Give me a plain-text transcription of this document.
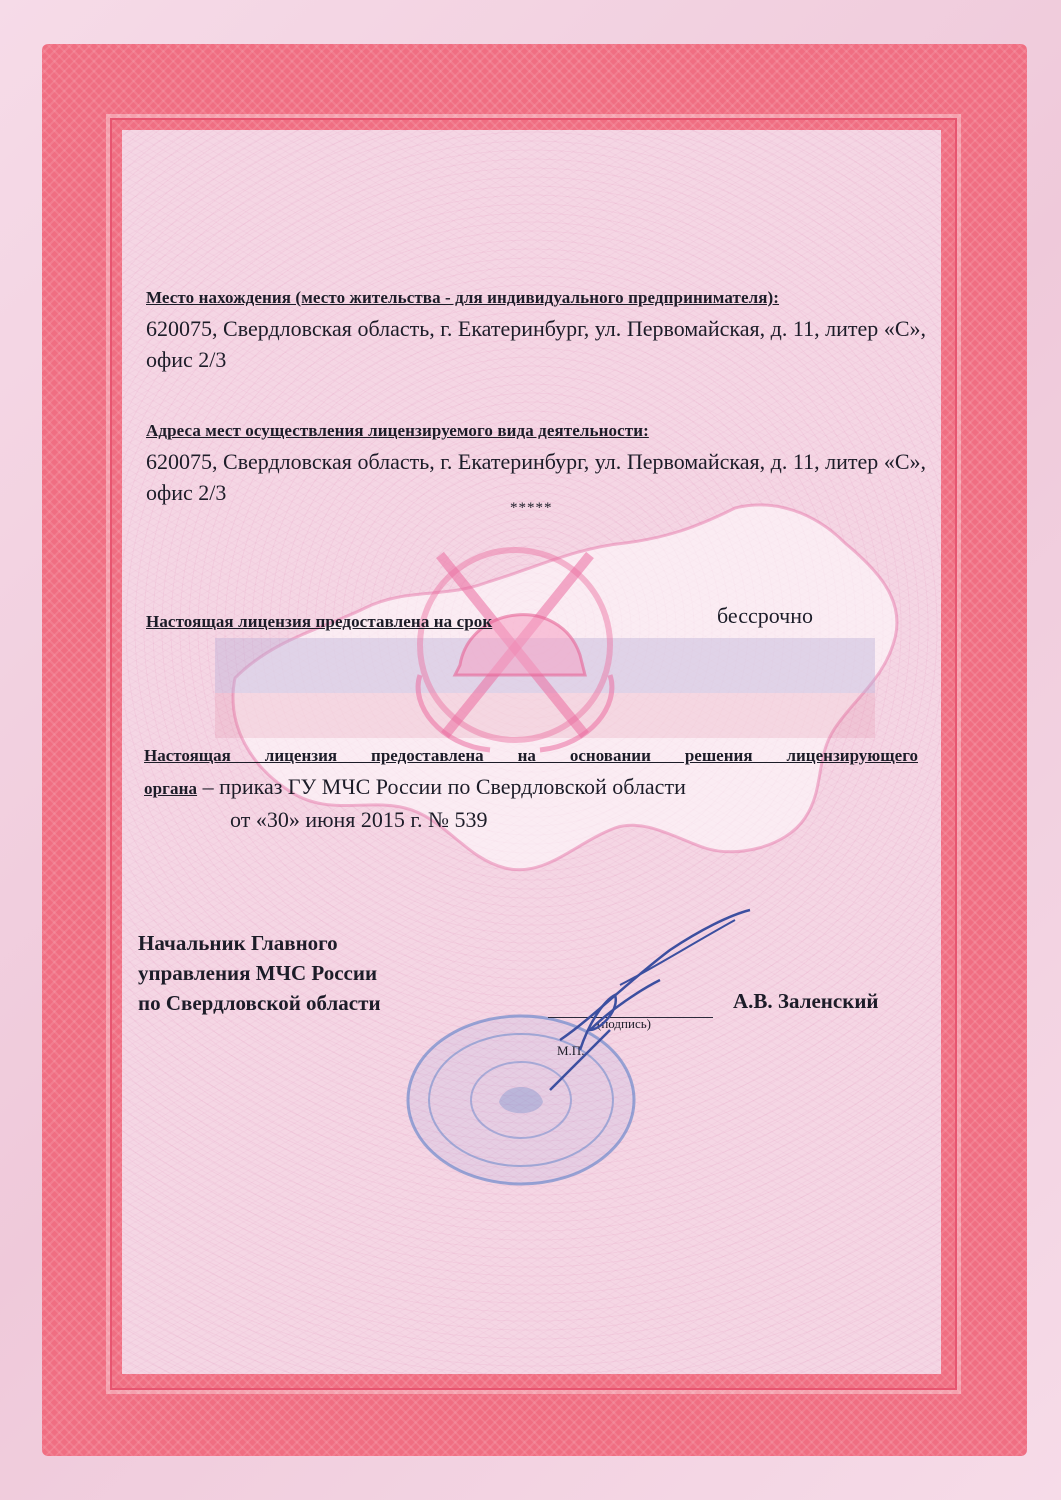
Место нахождения (место жительства - для индивидуального предпринимателя):
620075, Свердловская область, г. Екатеринбург, ул. Первомайская, д. 11, литер «С», офис 2/3
Адреса мест осуществления лицензируемого вида деятельности:
620075, Свердловская область, г. Екатеринбург, ул. Первомайская, д. 11, литер «С», офис 2/3
*****
Настоящая лицензия предоставлена на срок	бессрочно
Настоящая лицензия предоставлена на основании решения лицензирующего
органа – приказ ГУ МЧС России по Свердловской области
от «30» июня 2015 г. № 539
Начальник Главного
управления МЧС России
по Свердловской области
(подпись)
М.П.
А.В. Заленский
